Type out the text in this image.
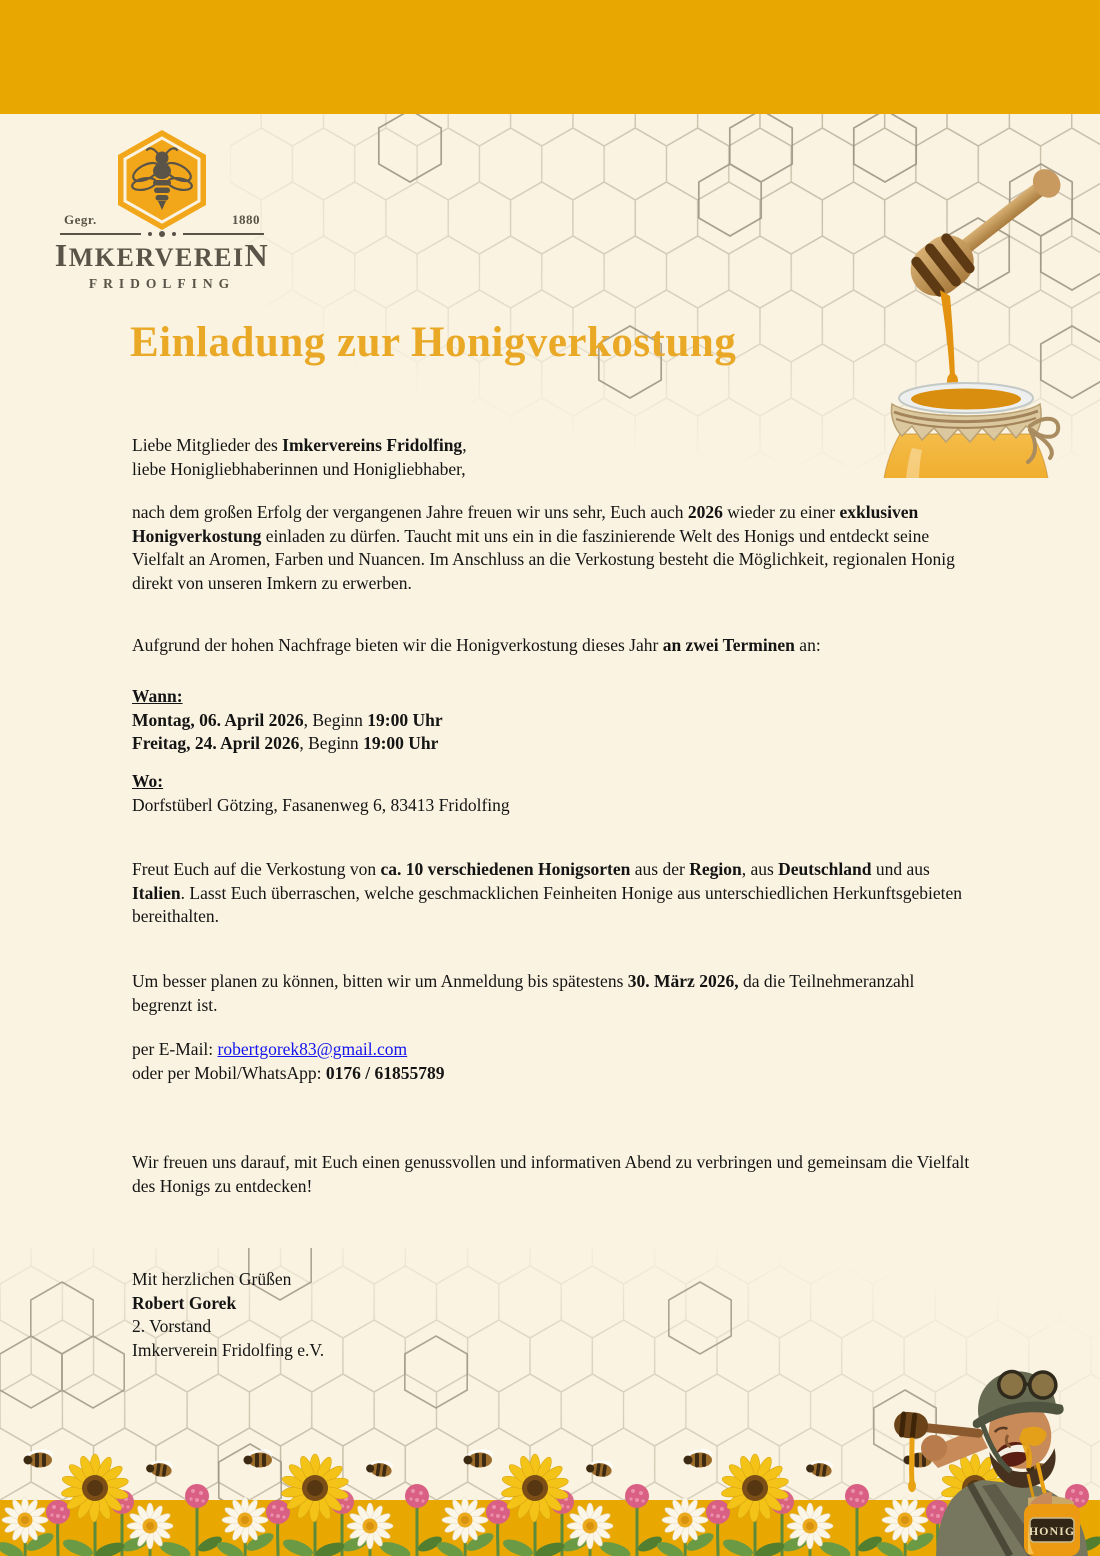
Gegr.	1880
IMKERVEREIN
FRIDOLFING
Einladung zur Honigverkostung
Liebe Mitglieder des Imkervereins Fridolfing,
liebe Honigliebhaberinnen und Honigliebhaber,
nach dem großen Erfolg der vergangenen Jahre freuen wir uns sehr, Euch auch 2026 wieder zu einer exklusiven Honigverkostung einladen zu dürfen. Taucht mit uns ein in die faszinierende Welt des Honigs und entdeckt seine Vielfalt an Aromen, Farben und Nuancen. Im Anschluss an die Verkostung besteht die Möglichkeit, regionalen Honig direkt von unseren Imkern zu erwerben.
Aufgrund der hohen Nachfrage bieten wir die Honigverkostung dieses Jahr an zwei Terminen an:
Wann:
Montag, 06. April 2026, Beginn 19:00 Uhr
Freitag, 24. April 2026, Beginn 19:00 Uhr
Wo:
Dorfstüberl Götzing, Fasanenweg 6, 83413 Fridolfing
Freut Euch auf die Verkostung von ca. 10 verschiedenen Honigsorten aus der Region, aus Deutschland und aus Italien. Lasst Euch überraschen, welche geschmacklichen Feinheiten Honige aus unterschiedlichen Herkunftsgebieten bereithalten.
Um besser planen zu können, bitten wir um Anmeldung bis spätestens 30. März 2026, da die Teilnehmeranzahl begrenzt ist.
per E-Mail: robertgorek83@gmail.com
oder per Mobil/WhatsApp: 0176 / 61855789
Wir freuen uns darauf, mit Euch einen genussvollen und informativen Abend zu verbringen und gemeinsam die Vielfalt des Honigs zu entdecken!
Mit herzlichen Grüßen
Robert Gorek
2. Vorstand
Imkerverein Fridolfing e.V.
HONIG
